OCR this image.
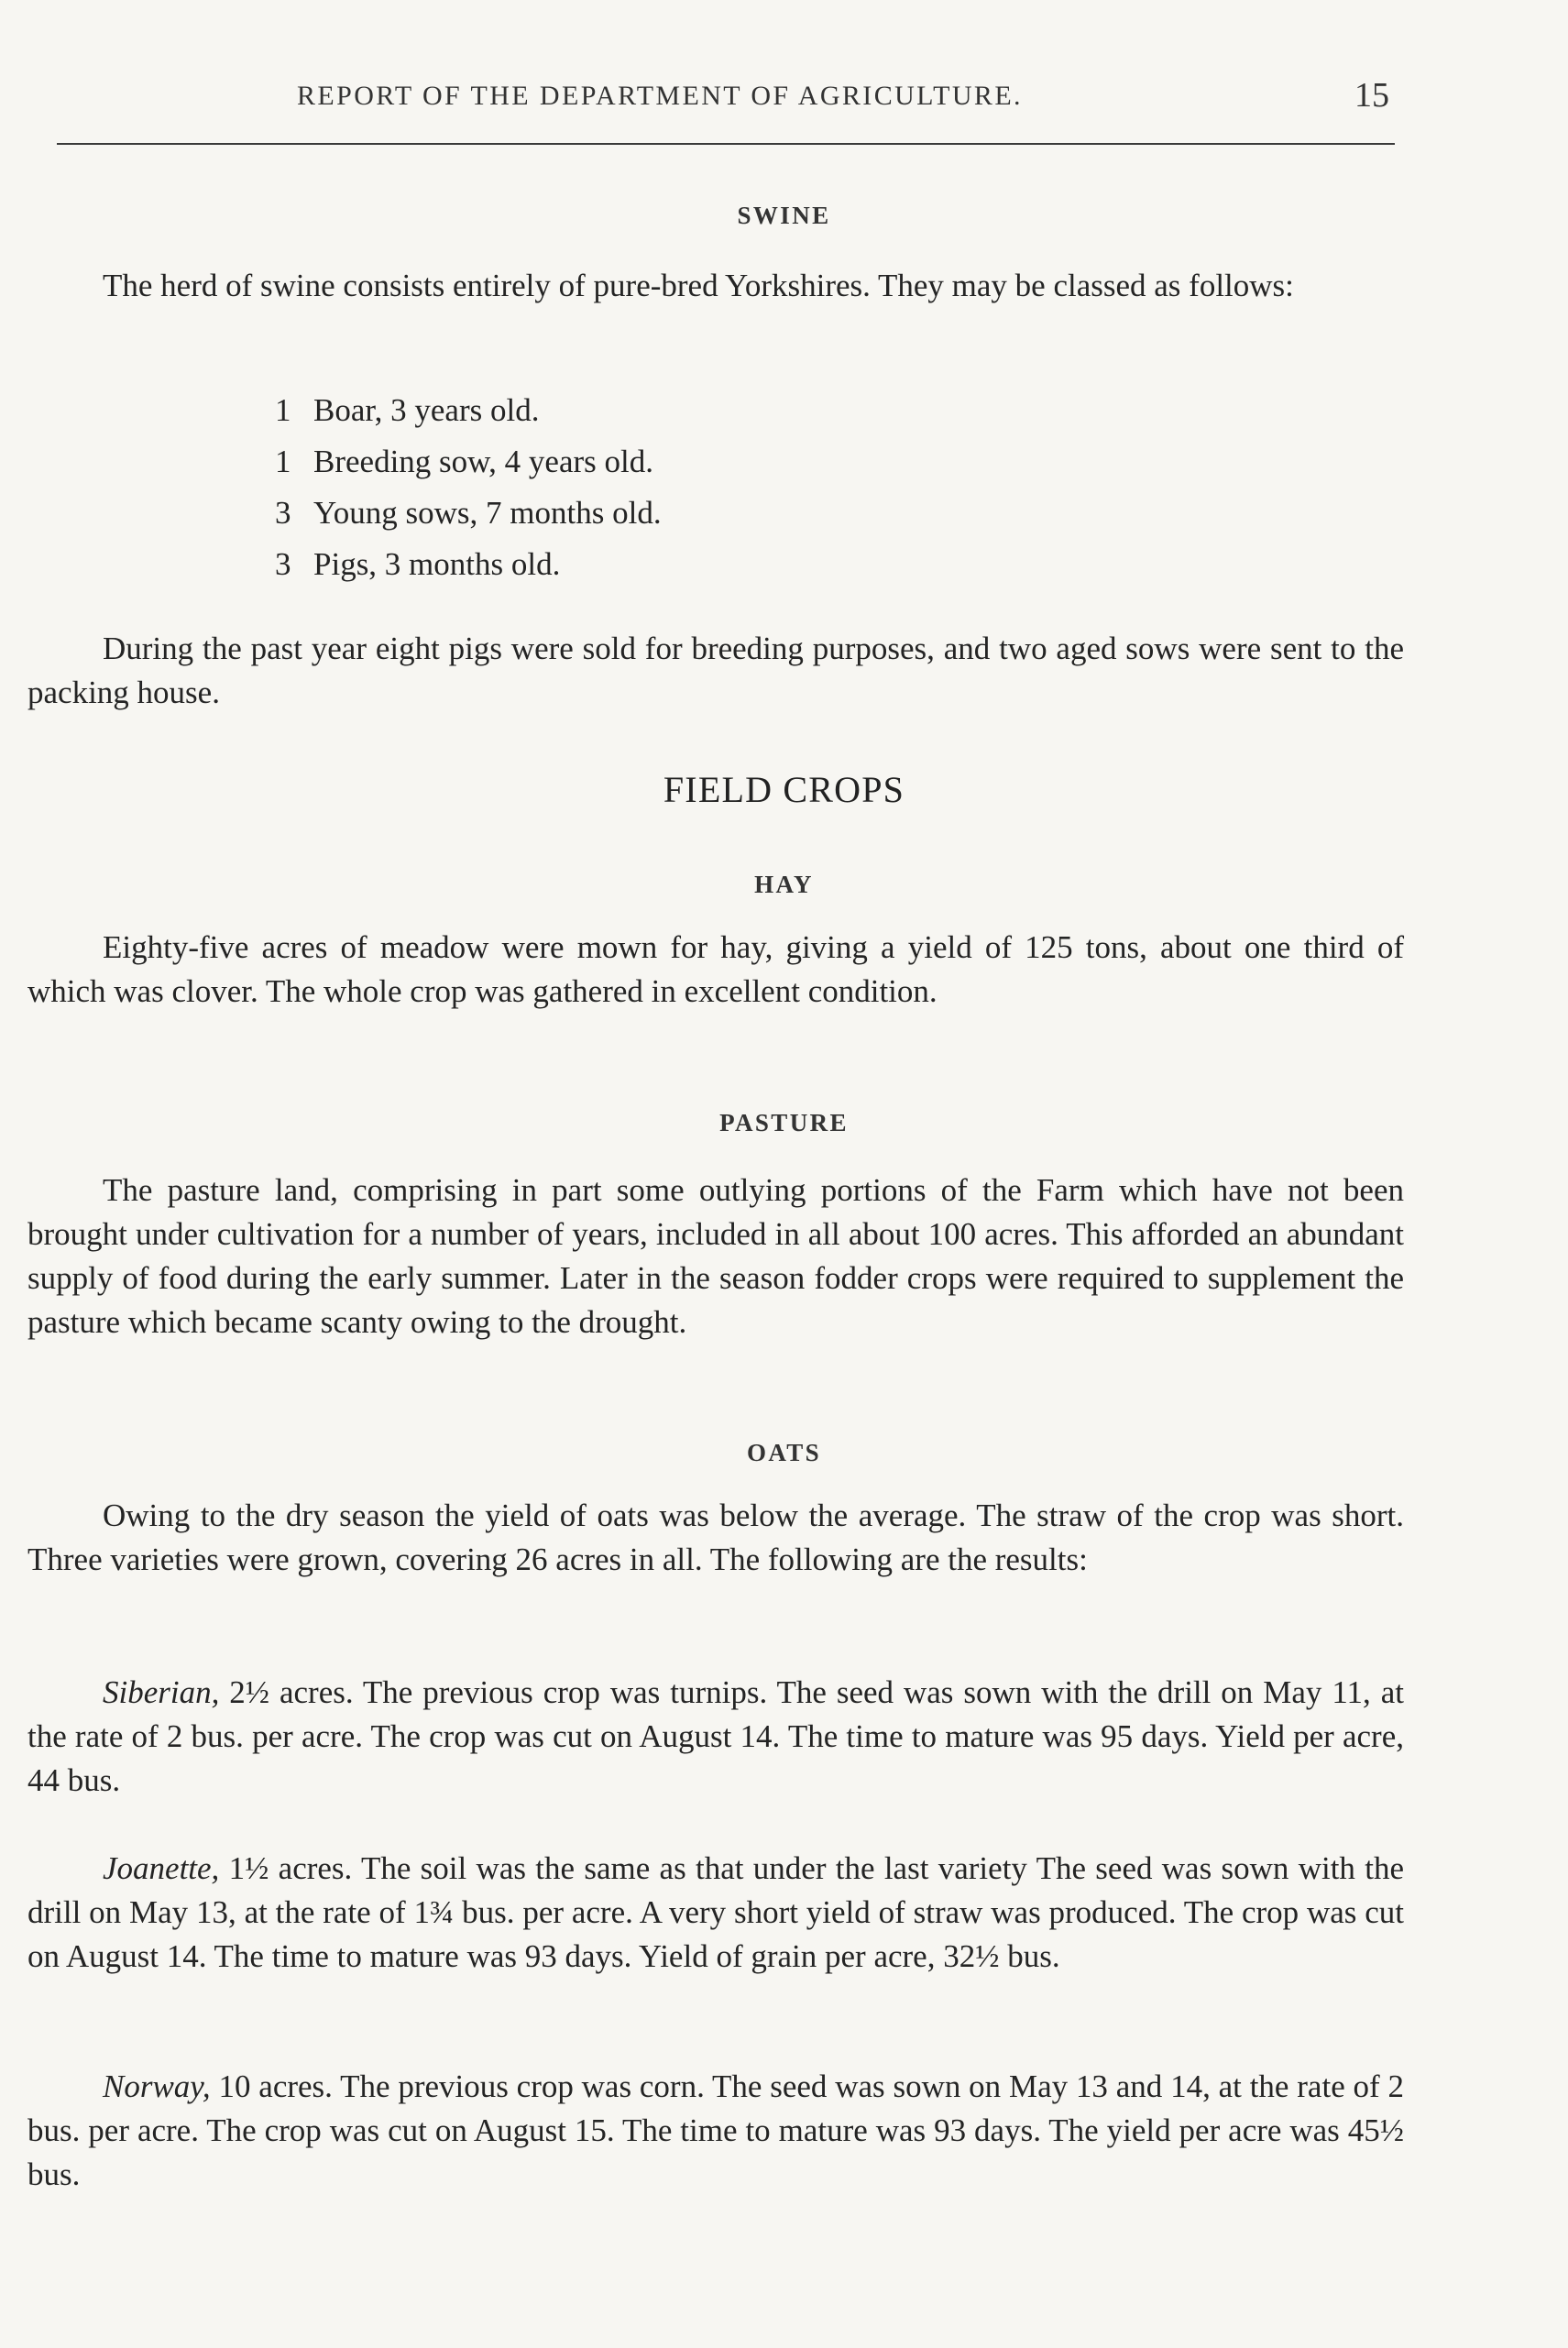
REPORT OF THE DEPARTMENT OF AGRICULTURE.	15
SWINE

The herd of swine consists entirely of pure-bred Yorkshires. They may be classed as follows:

1 Boar, 3 years old.
1 Breeding sow, 4 years old.
3 Young sows, 7 months old.
3 Pigs, 3 months old.

During the past year eight pigs were sold for breeding purposes, and two aged sows were sent to the packing house.

FIELD CROPS
HAY

Eighty-five acres of meadow were mown for hay, giving a yield of 125 tons, about one third of which was clover. The whole crop was gathered in excellent condition.

PASTURE

The pasture land, comprising in part some outlying portions of the Farm which have not been brought under cultivation for a number of years, included in all about 100 acres. This afforded an abundant supply of food during the early summer. Later in the season fodder crops were required to supplement the pasture which became scanty owing to the drought.

OATS

Owing to the dry season the yield of oats was below the average. The straw of the crop was short. Three varieties were grown, covering 26 acres in all. The following are the results:

Siberian, 2½ acres. The previous crop was turnips. The seed was sown with the drill on May 11, at the rate of 2 bus. per acre. The crop was cut on August 14. The time to mature was 95 days. Yield per acre, 44 bus.

Joanette, 1½ acres. The soil was the same as that under the last variety The seed was sown with the drill on May 13, at the rate of 1¾ bus. per acre. A very short yield of straw was produced. The crop was cut on August 14. The time to mature was 93 days. Yield of grain per acre, 32½ bus.

Norway, 10 acres. The previous crop was corn. The seed was sown on May 13 and 14, at the rate of 2 bus. per acre. The crop was cut on August 15. The time to mature was 93 days. The yield per acre was 45½ bus.
